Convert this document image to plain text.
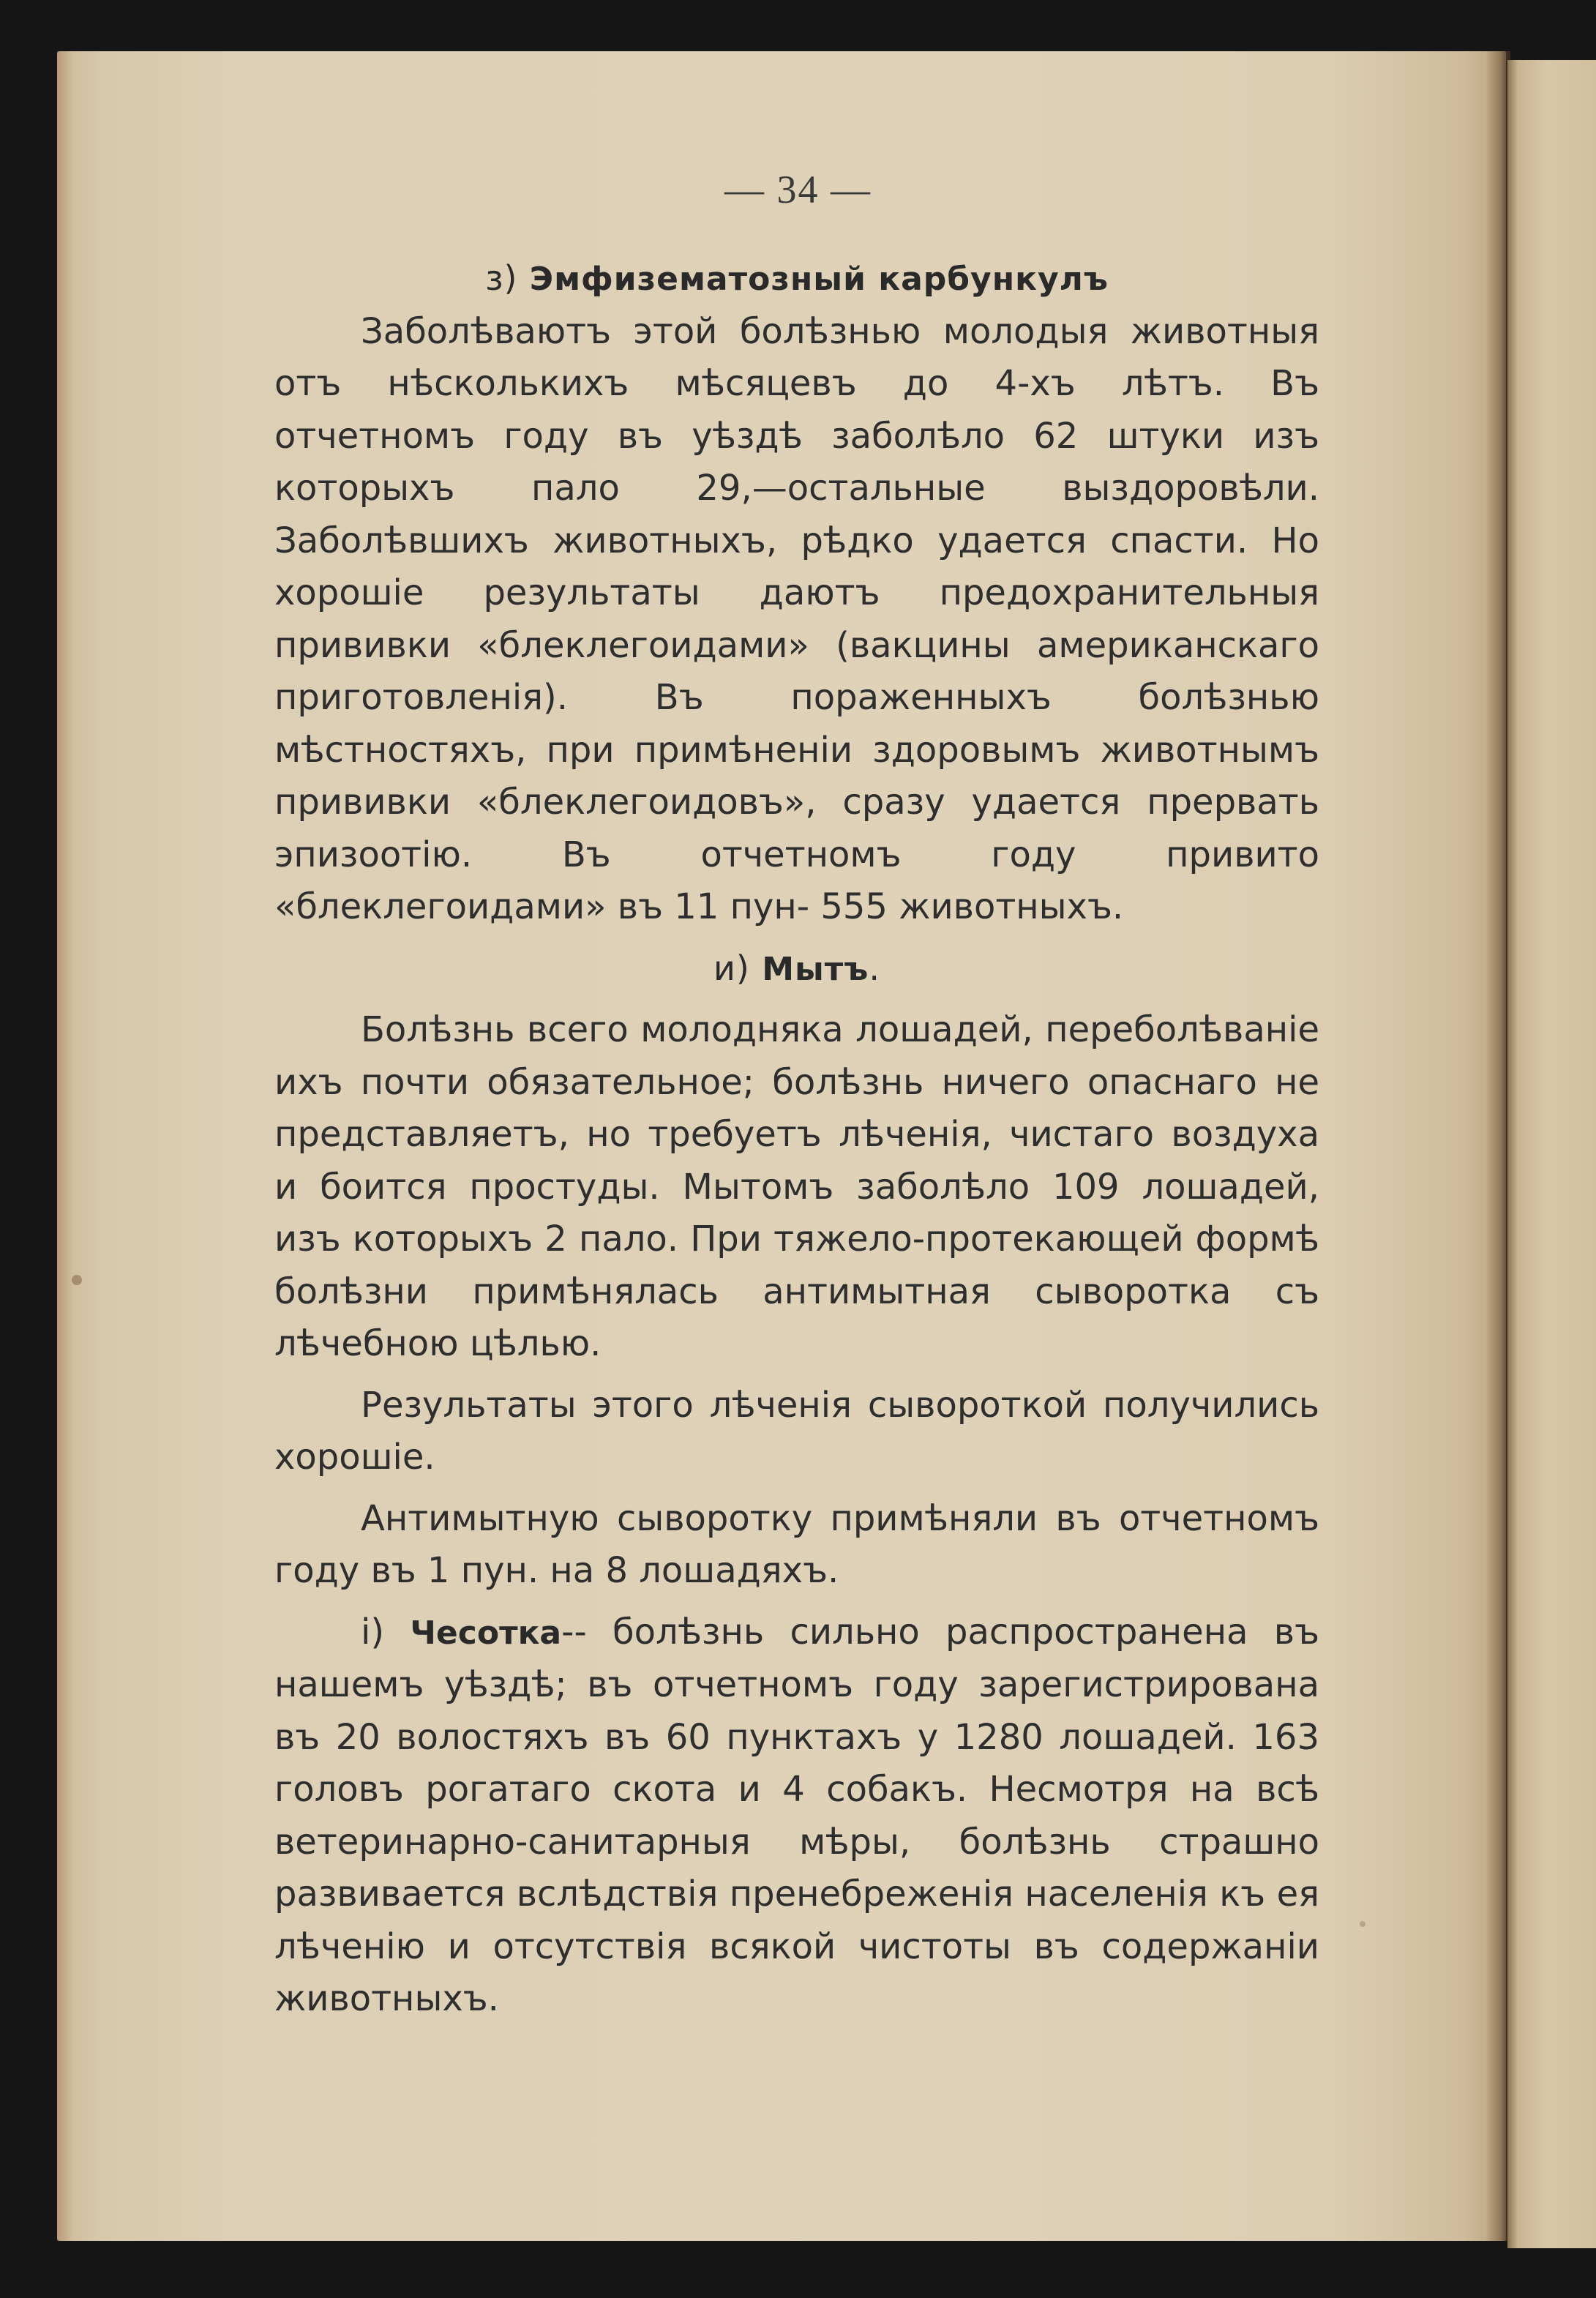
— 34 —
з) Эмфизематозный карбункулъ

Заболѣваютъ этой болѣзнью молодыя животныя отъ нѣсколькихъ мѣсяцевъ до 4-хъ лѣтъ. Въ отчетномъ году въ уѣздѣ заболѣло 62 штуки изъ которыхъ пало 29,—остальные выздоровѣли. Заболѣвшихъ животныхъ, рѣдко удается спасти. Но хорошіе результаты даютъ предохранительныя прививки «блеклегоидами» (вакцины американскаго приготовленія). Въ пораженныхъ болѣзнью мѣстностяхъ, при примѣненіи здоровымъ животнымъ прививки «блеклегоидовъ», сразу удается прервать эпизоотію. Въ отчетномъ году привито «блеклегоидами» въ 11 пун- 555 животныхъ.

и) Мытъ.

Болѣзнь всего молодняка лошадей, переболѣваніе ихъ почти обязательное; болѣзнь ничего опаснаго не представляетъ, но требуетъ лѣченія, чистаго воздуха и боится простуды. Мытомъ заболѣло 109 лошадей, изъ которыхъ 2 пало. При тяжело-протекающей формѣ болѣзни примѣнялась антимытная сыворотка съ лѣчебною цѣлью.

Результаты этого лѣченія сывороткой получились хорошіе.

Антимытную сыворотку примѣняли въ отчетномъ году въ 1 пун. на 8 лошадяхъ.

і) Чесотка-- болѣзнь сильно распространена въ нашемъ уѣздѣ; въ отчетномъ году зарегистрирована въ 20 волостяхъ въ 60 пунктахъ у 1280 лошадей. 163 головъ рогатаго скота и 4 собакъ. Несмотря на всѣ ветеринарно-санитарныя мѣры, болѣзнь страшно развивается вслѣдствія пренебреженія населенія къ ея лѣченію и отсутствія всякой чистоты въ содержаніи животныхъ.
